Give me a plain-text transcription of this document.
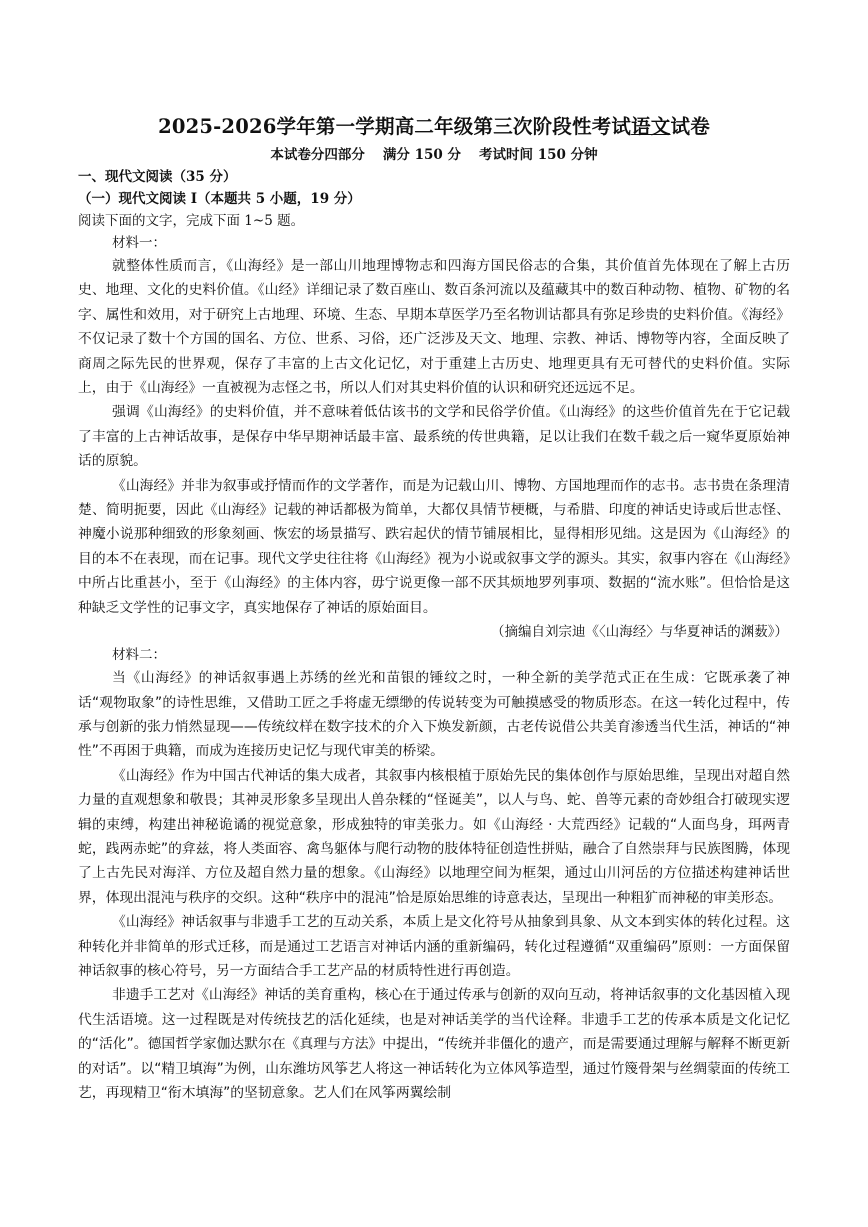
2025-2026学年第一学期高二年级第三次阶段性考试语文试卷
本试卷分四部分 满分 150 分 考试时间 150 分钟

一、现代文阅读（35 分）

（一）现代文阅读 I（本题共 5 小题，19 分）

阅读下面的文字，完成下面 1~5 题。

材料一：

就整体性质而言，《山海经》是一部山川地理博物志和四海方国民俗志的合集，其价值首先体现在了解上古历史、地理、文化的史料价值。《山经》详细记录了数百座山、数百条河流以及蕴藏其中的数百种动物、植物、矿物的名字、属性和效用，对于研究上古地理、环境、生态、早期本草医学乃至名物训诂都具有弥足珍贵的史料价值。《海经》不仅记录了数十个方国的国名、方位、世系、习俗，还广泛涉及天文、地理、宗教、神话、博物等内容，全面反映了商周之际先民的世界观，保存了丰富的上古文化记忆，对于重建上古历史、地理更具有无可替代的史料价值。实际上，由于《山海经》一直被视为志怪之书，所以人们对其史料价值的认识和研究还远远不足。

强调《山海经》的史料价值，并不意味着低估该书的文学和民俗学价值。《山海经》的这些价值首先在于它记载了丰富的上古神话故事，是保存中华早期神话最丰富、最系统的传世典籍，足以让我们在数千载之后一窥华夏原始神话的原貌。

《山海经》并非为叙事或抒情而作的文学著作，而是为记载山川、博物、方国地理而作的志书。志书贵在条理清楚、简明扼要，因此《山海经》记载的神话都极为简单，大都仅具情节梗概，与希腊、印度的神话史诗或后世志怪、神魔小说那种细致的形象刻画、恢宏的场景描写、跌宕起伏的情节铺展相比，显得相形见绌。这是因为《山海经》的目的本不在表现，而在记事。现代文学史往往将《山海经》视为小说或叙事文学的源头。其实，叙事内容在《山海经》中所占比重甚小，至于《山海经》的主体内容，毋宁说更像一部不厌其烦地罗列事项、数据的“流水账”。但恰恰是这种缺乏文学性的记事文字，真实地保存了神话的原始面目。

（摘编自刘宗迪《〈山海经〉与华夏神话的渊薮》）

材料二：

当《山海经》的神话叙事遇上苏绣的丝光和苗银的锤纹之时，一种全新的美学范式正在生成：它既承袭了神话“观物取象”的诗性思维，又借助工匠之手将虚无缥缈的传说转变为可触摸感受的物质形态。在这一转化过程中，传承与创新的张力悄然显现——传统纹样在数字技术的介入下焕发新颜，古老传说借公共美育渗透当代生活，神话的“神性”不再困于典籍，而成为连接历史记忆与现代审美的桥梁。

《山海经》作为中国古代神话的集大成者，其叙事内核根植于原始先民的集体创作与原始思维，呈现出对超自然力量的直观想象和敬畏；其神灵形象多呈现出人兽杂糅的“怪诞美”，以人与鸟、蛇、兽等元素的奇妙组合打破现实逻辑的束缚，构建出神秘诡谲的视觉意象，形成独特的审美张力。如《山海经 · 大荒西经》记载的“人面鸟身，珥两青蛇，践两赤蛇”的弇兹，将人类面容、禽鸟躯体与爬行动物的肢体特征创造性拼贴，融合了自然崇拜与民族图腾，体现了上古先民对海洋、方位及超自然力量的想象。《山海经》以地理空间为框架，通过山川河岳的方位描述构建神话世界，体现出混沌与秩序的交织。这种“秩序中的混沌”恰是原始思维的诗意表达，呈现出一种粗犷而神秘的审美形态。

《山海经》神话叙事与非遗手工艺的互动关系，本质上是文化符号从抽象到具象、从文本到实体的转化过程。这种转化并非简单的形式迁移，而是通过工艺语言对神话内涵的重新编码，转化过程遵循“双重编码”原则：一方面保留神话叙事的核心符号，另一方面结合手工艺产品的材质特性进行再创造。

非遗手工艺对《山海经》神话的美育重构，核心在于通过传承与创新的双向互动，将神话叙事的文化基因植入现代生活语境。这一过程既是对传统技艺的活化延续，也是对神话美学的当代诠释。非遗手工艺的传承本质是文化记忆的“活化”。德国哲学家伽达默尔在《真理与方法》中提出，“传统并非僵化的遗产，而是需要通过理解与解释不断更新的对话”。以“精卫填海”为例，山东潍坊风筝艺人将这一神话转化为立体风筝造型，通过竹篾骨架与丝绸蒙面的传统工艺，再现精卫“衔木填海”的坚韧意象。艺人们在风筝两翼绘制
